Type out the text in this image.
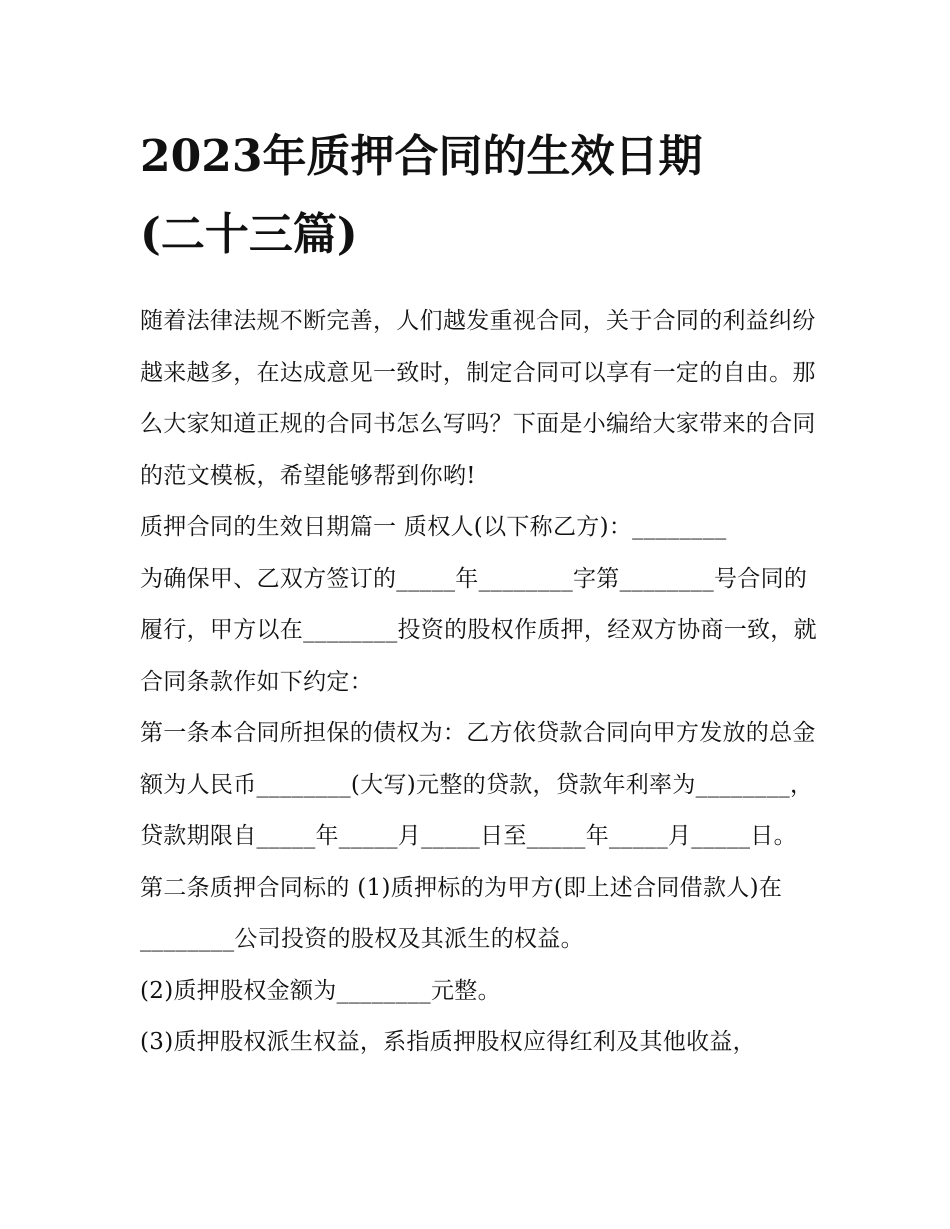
2023年质押合同的生效日期
(二十三篇)

随着法律法规不断完善，人们越发重视合同，关于合同的利益纠纷越来越多，在达成意见一致时，制定合同可以享有一定的自由。那么大家知道正规的合同书怎么写吗？下面是小编给大家带来的合同的范文模板，希望能够帮到你哟!

质押合同的生效日期篇一 质权人(以下称乙方)：________

为确保甲、乙双方签订的_____年________字第________号合同的履行，甲方以在________投资的股权作质押，经双方协商一致，就合同条款作如下约定：

第一条本合同所担保的债权为：乙方依贷款合同向甲方发放的总金额为人民币________(大写)元整的贷款，贷款年利率为________，贷款期限自_____年_____月_____日至_____年_____月_____日。

第二条质押合同标的 (1)质押标的为甲方(即上述合同借款人)在________公司投资的股权及其派生的权益。

(2)质押股权金额为________元整。

(3)质押股权派生权益，系指质押股权应得红利及其他收益，
